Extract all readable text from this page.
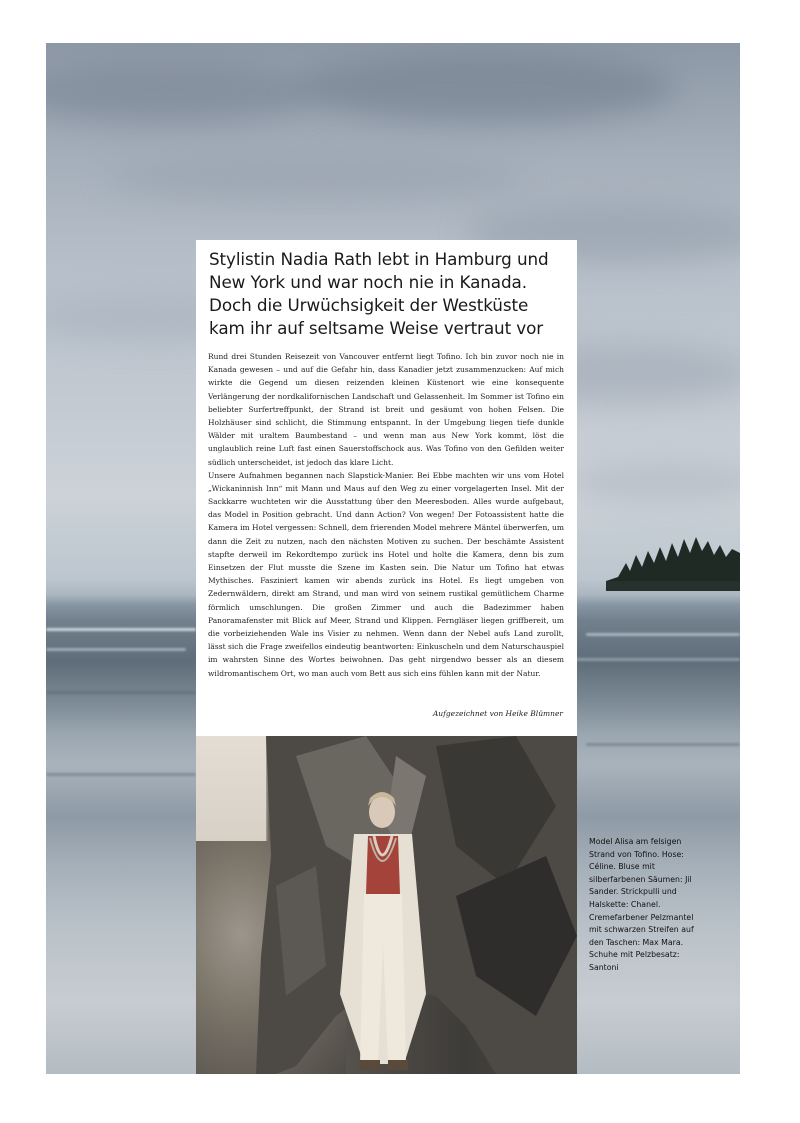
Stylistin Nadia Rath lebt in Hamburg und New York und war noch nie in Kanada. Doch die Urwüchsigkeit der Westküste kam ihr auf seltsame Weise vertraut vor

Rund drei Stunden Reisezeit von Vancouver entfernt liegt Tofino. Ich bin zuvor noch nie in Kanada gewesen – und auf die Gefahr hin, dass Kanadier jetzt zusammenzucken: Auf mich wirkte die Gegend um diesen reizenden kleinen Küstenort wie eine konsequente Verlängerung der nordkalifornischen Landschaft und Gelassenheit. Im Sommer ist Tofino ein beliebter Surfertreffpunkt, der Strand ist breit und gesäumt von hohen Felsen. Die Holzhäuser sind schlicht, die Stimmung entspannt. In der Umgebung liegen tiefe dunkle Wälder mit uraltem Baumbestand – und wenn man aus New York kommt, löst die unglaublich reine Luft fast einen Sauerstoffschock aus. Was Tofino von den Gefilden weiter südlich unterscheidet, ist jedoch das klare Licht.

Unsere Aufnahmen begannen nach Slapstick-Manier. Bei Ebbe machten wir uns vom Hotel „Wickaninnish Inn“ mit Mann und Maus auf den Weg zu einer vorgelagerten Insel. Mit der Sackkarre wuchteten wir die Ausstattung über den Meeresboden. Alles wurde aufgebaut, das Model in Position gebracht. Und dann Action? Von wegen! Der Fotoassistent hatte die Kamera im Hotel vergessen: Schnell, dem frierenden Model mehrere Mäntel überwerfen, um dann die Zeit zu nutzen, nach den nächsten Motiven zu suchen. Der beschämte Assistent stapfte derweil im Rekordtempo zurück ins Hotel und holte die Kamera, denn bis zum Einsetzen der Flut musste die Szene im Kasten sein. Die Natur um Tofino hat etwas Mythisches. Fasziniert kamen wir abends zurück ins Hotel. Es liegt umgeben von Zedernwäldern, direkt am Strand, und man wird von seinem rustikal gemütlichem Charme förmlich umschlungen. Die großen Zimmer und auch die Badezimmer haben Panoramafenster mit Blick auf Meer, Strand und Klippen. Ferngläser liegen griffbereit, um die vorbeiziehenden Wale ins Visier zu nehmen. Wenn dann der Nebel aufs Land zurollt, lässt sich die Frage zweifellos eindeutig beantworten: Einkuscheln und dem Naturschauspiel im wahrsten Sinne des Wortes beiwohnen. Das geht nirgendwo besser als an diesem wildromantischem Ort, wo man auch vom Bett aus sich eins fühlen kann mit der Natur.

Aufgezeichnet von Heike Blümner

Model Alisa am felsigen Strand von Tofino. Hose: Céline. Bluse mit silberfarbenen Säumen: Jil Sander. Strickpulli und Halskette: Chanel. Cremefarbener Pelzmantel mit schwarzen Streifen auf den Taschen: Max Mara. Schuhe mit Pelzbesatz: Santoni
